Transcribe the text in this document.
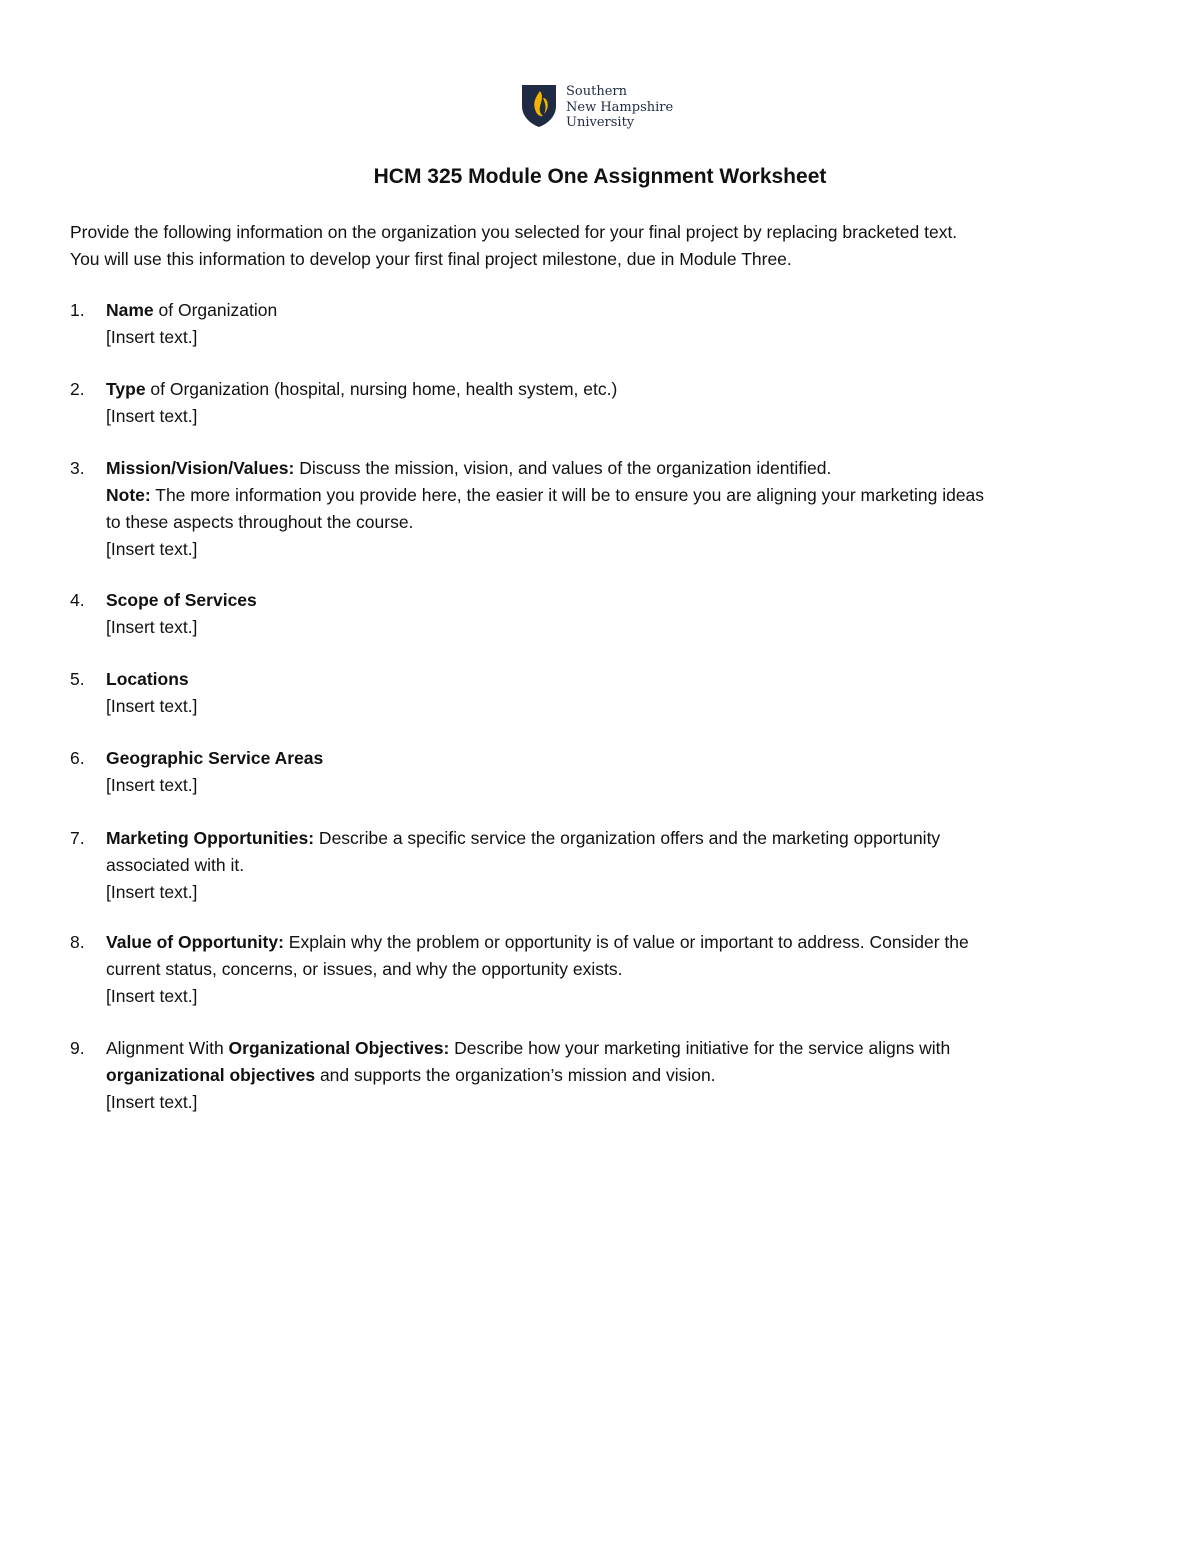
Southern
New Hampshire
University
HCM 325 Module One Assignment Worksheet
Provide the following information on the organization you selected for your final project by replacing bracketed text.
You will use this information to develop your first final project milestone, due in Module Three.
1.	Name of Organization
[Insert text.]
2.	Type of Organization (hospital, nursing home, health system, etc.)
[Insert text.]
3.	Mission/Vision/Values: Discuss the mission, vision, and values of the organization identified.
Note: The more information you provide here, the easier it will be to ensure you are aligning your marketing ideas
to these aspects throughout the course.
[Insert text.]
4.	Scope of Services
[Insert text.]
5.	Locations
[Insert text.]
6.	Geographic Service Areas
[Insert text.]
7.	Marketing Opportunities: Describe a specific service the organization offers and the marketing opportunity
associated with it.
[Insert text.]
8.	Value of Opportunity: Explain why the problem or opportunity is of value or important to address. Consider the
current status, concerns, or issues, and why the opportunity exists.
[Insert text.]
9.	Alignment With Organizational Objectives: Describe how your marketing initiative for the service aligns with
organizational objectives and supports the organization’s mission and vision.
[Insert text.]
